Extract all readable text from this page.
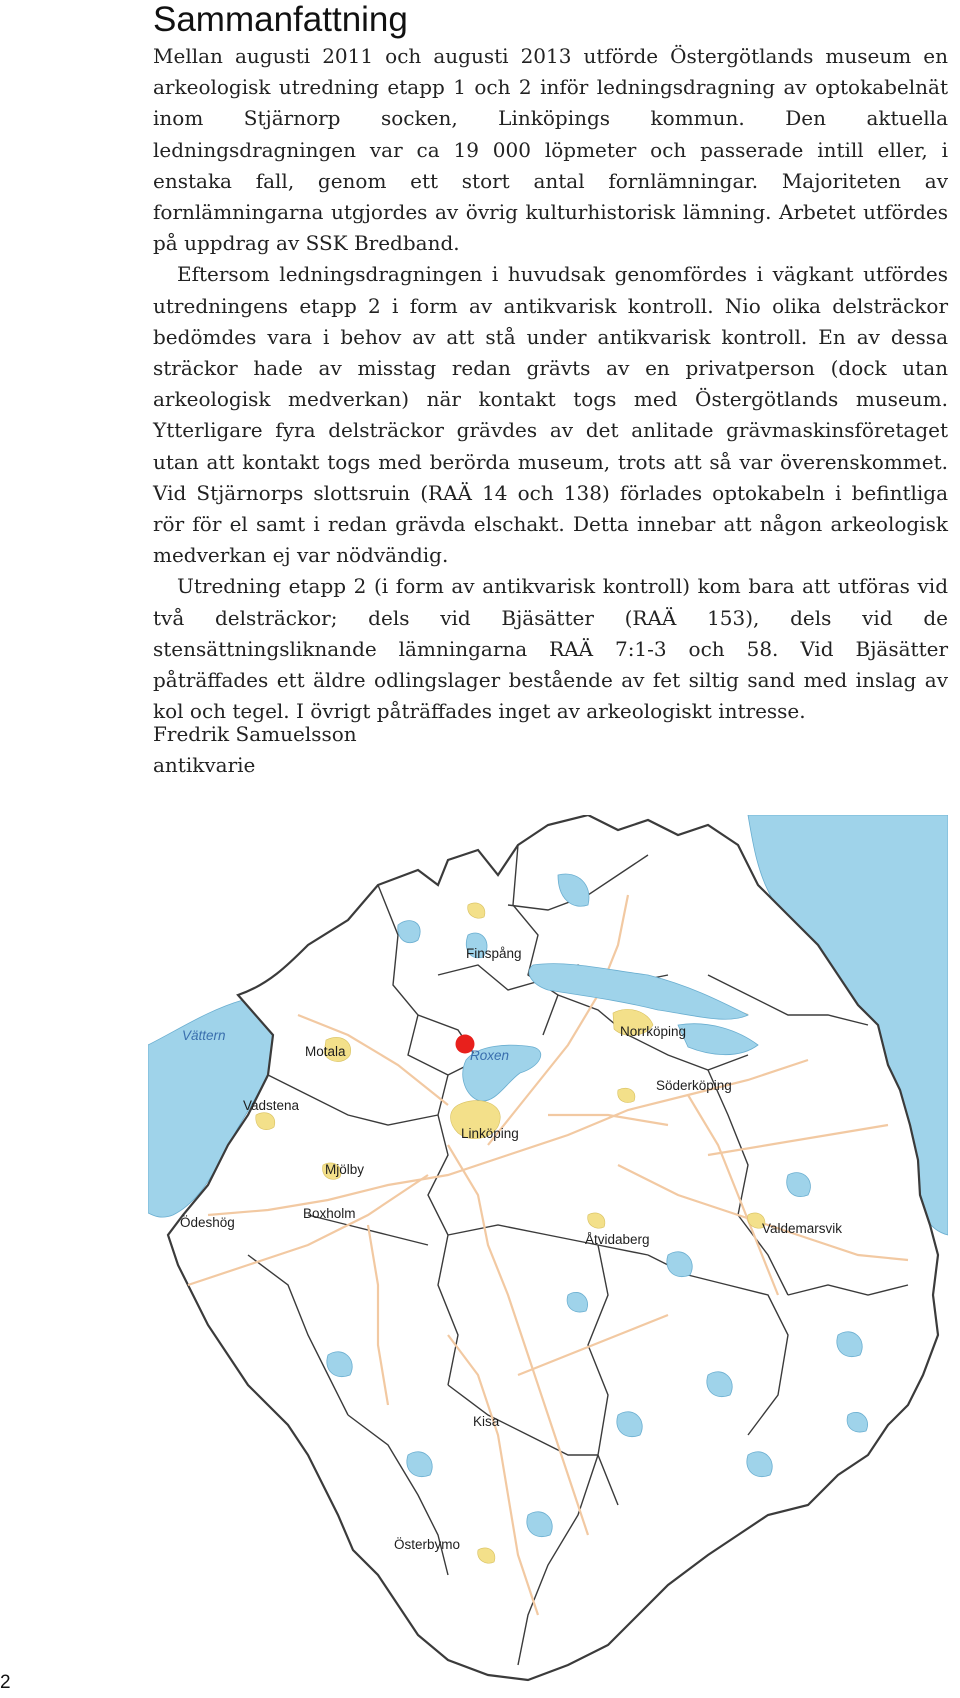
Sammanfattning

Mellan augusti 2011 och augusti 2013 utförde Östergötlands museum en arkeologisk utredning etapp 1 och 2 inför ledningsdragning av optokabelnät inom Stjärnorp socken, Linköpings kommun. Den aktuella ledningsdragningen var ca 19 000 löpmeter och passerade intill eller, i enstaka fall, genom ett stort antal fornlämningar. Majoriteten av fornlämningarna utgjordes av övrig kulturhistorisk lämning. Arbetet utfördes på uppdrag av SSK Bredband.

Eftersom ledningsdragningen i huvudsak genomfördes i vägkant utfördes utredningens etapp 2 i form av antikvarisk kontroll. Nio olika delsträckor bedömdes vara i behov av att stå under antikvarisk kontroll. En av dessa sträckor hade av misstag redan grävts av en privatperson (dock utan arkeologisk medverkan) när kontakt togs med Östergötlands museum. Ytterligare fyra delsträckor grävdes av det anlitade grävmaskinsföretaget utan att kontakt togs med berörda museum, trots att så var överenskommet. Vid Stjärnorps slottsruin (RAÄ 14 och 138) förlades optokabeln i befintliga rör för el samt i redan grävda elschakt. Detta innebar att någon arkeologisk medverkan ej var nödvändig.

Utredning etapp 2 (i form av antikvarisk kontroll) kom bara att utföras vid två delsträckor; dels vid Bjäsätter (RAÄ 153), dels vid de stensättningsliknande lämningarna RAÄ 7:1-3 och 58. Vid Bjäsätter påträffades ett äldre odlingslager bestående av fet siltig sand med inslag av kol och tegel. I övrigt påträffades inget av arkeologiskt intresse.

Fredrik Samuelsson
antikvarie
Vättern
Roxen
Finspång
Norrköping
Motala
Söderköping
Vadstena
Linköping
Mjölby
Ödeshög
Boxholm
Åtvidaberg
Valdemarsvik
Kisa
Österbymo
2
